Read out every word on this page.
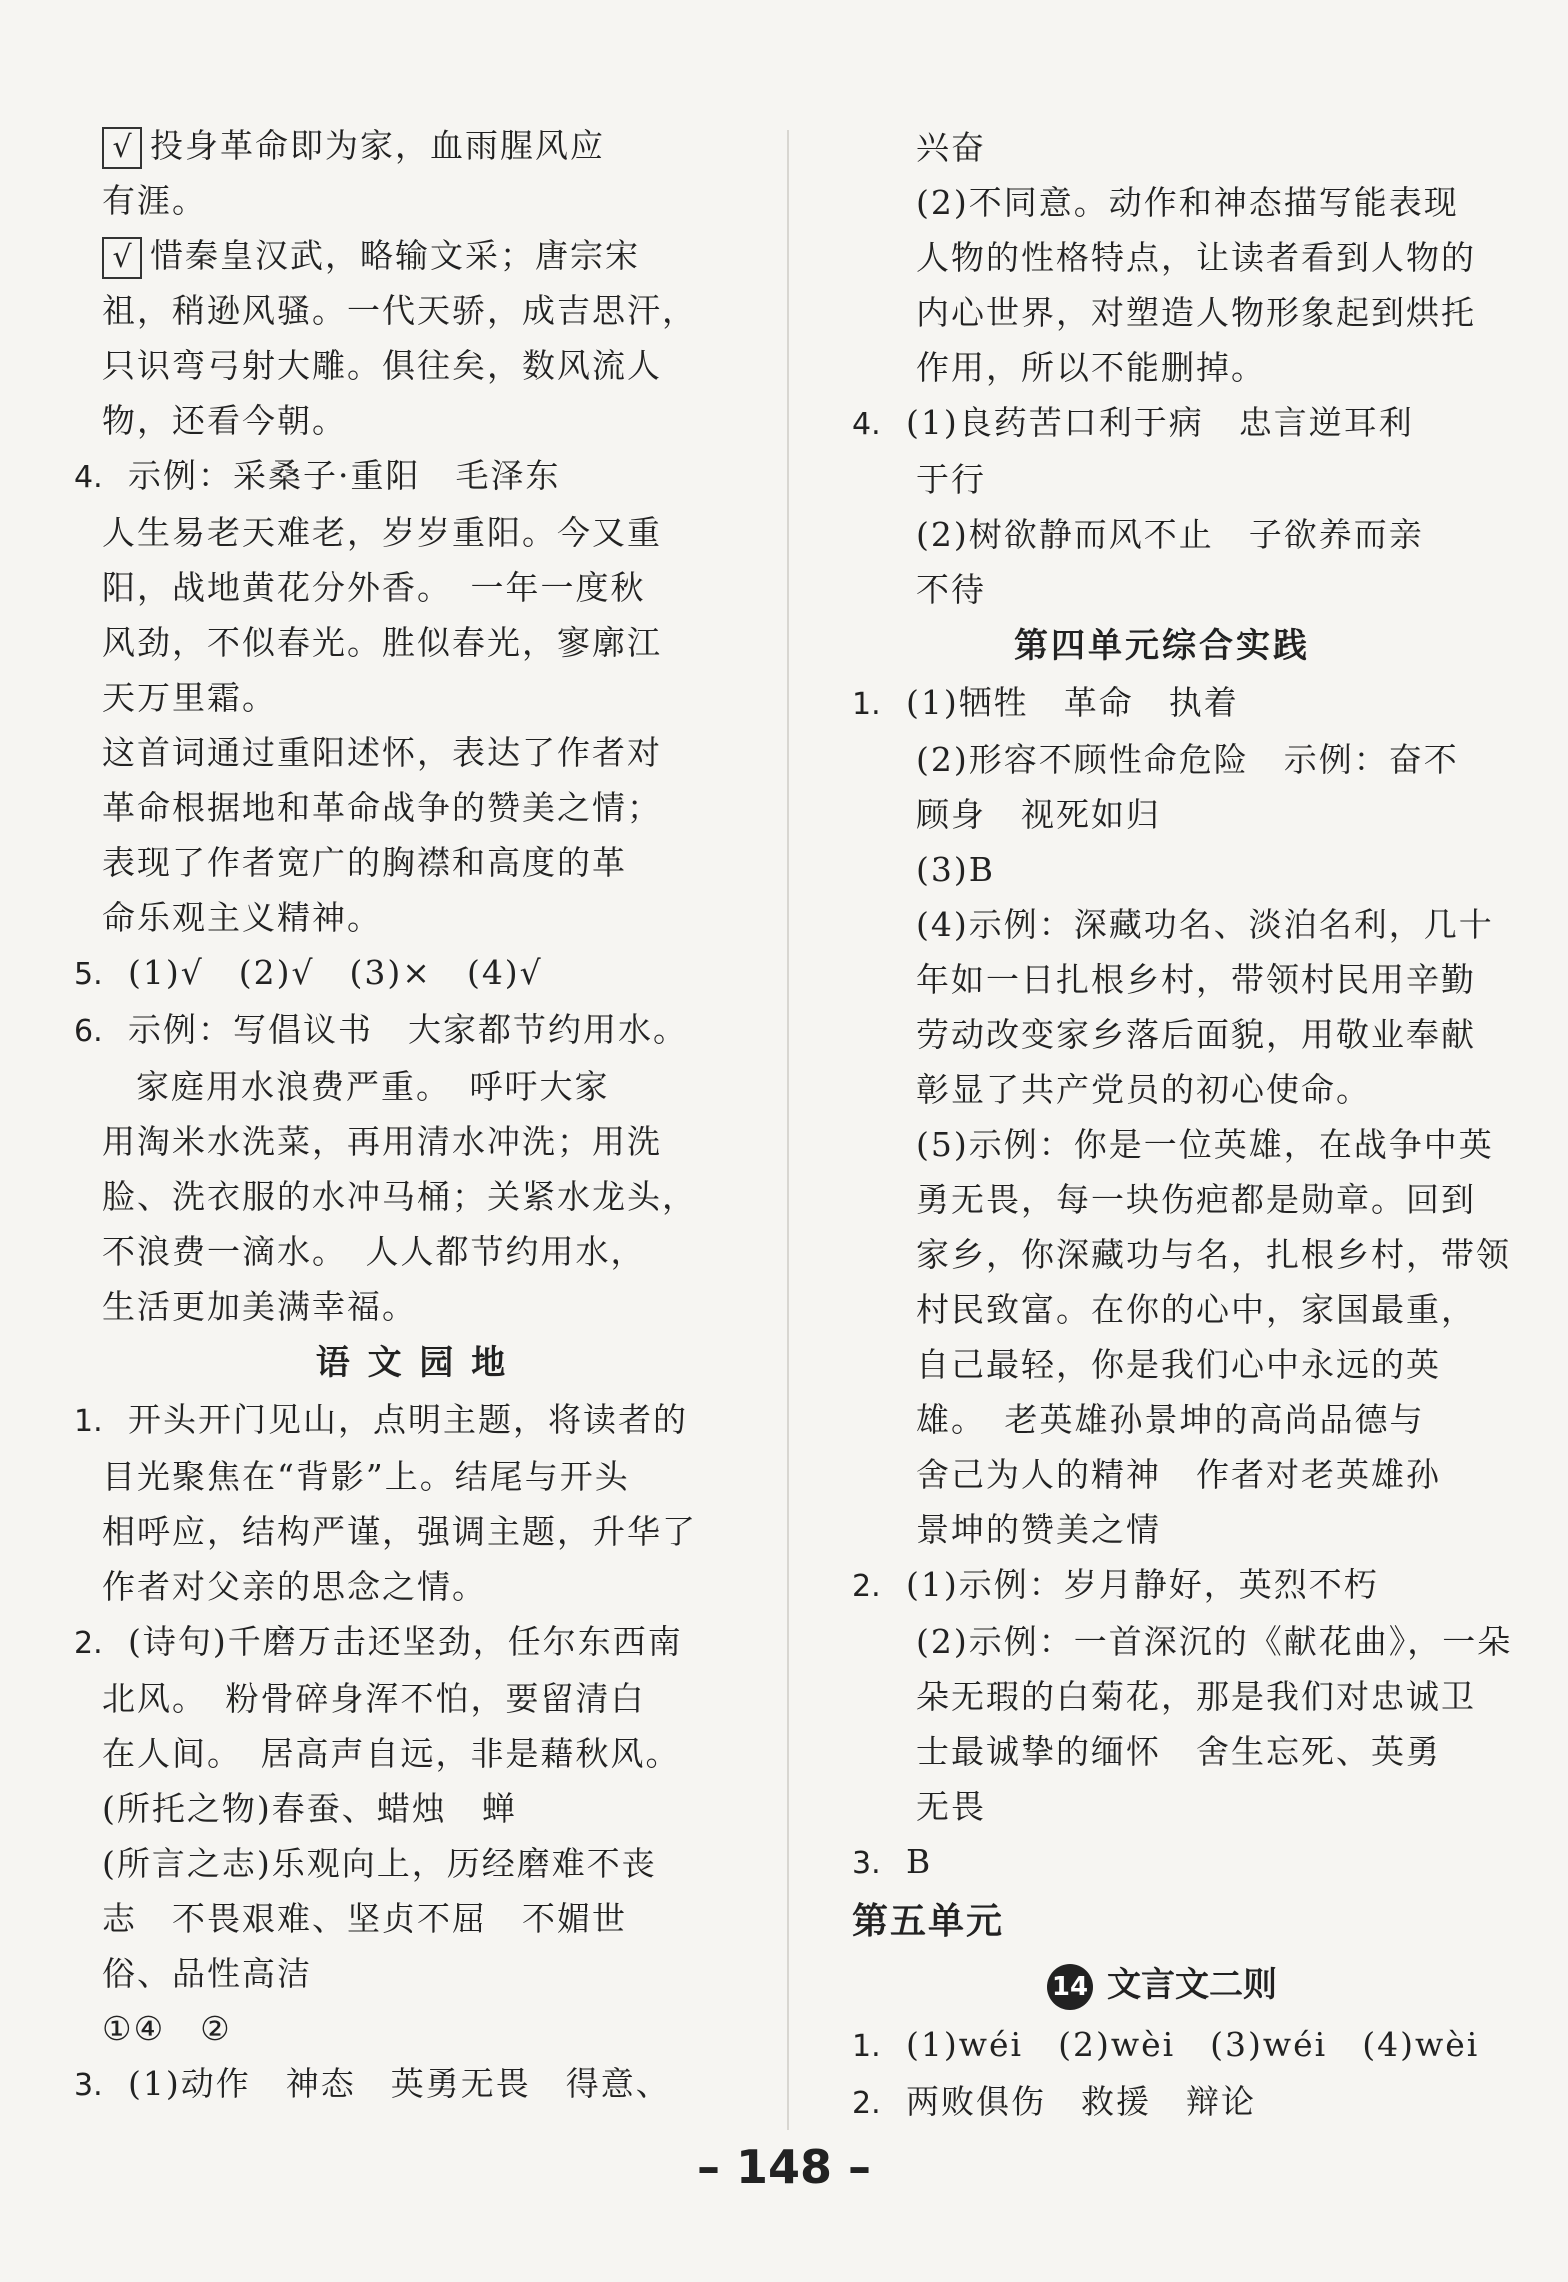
√ 投身革命即为家，血雨腥风应
有涯。
√ 惜秦皇汉武，略输文采；唐宗宋
祖，稍逊风骚。一代天骄，成吉思汗，
只识弯弓射大雕。俱往矣，数风流人
物，还看今朝。
4. 示例：采桑子·重阳　毛泽东
人生易老天难老，岁岁重阳。今又重
阳，战地黄花分外香。　一年一度秋
风劲，不似春光。胜似春光，寥廓江
天万里霜。
这首词通过重阳述怀，表达了作者对
革命根据地和革命战争的赞美之情；
表现了作者宽广的胸襟和高度的革
命乐观主义精神。
5. (1)√　(2)√　(3)×　(4)√
6. 示例：写倡议书　大家都节约用水。
家庭用水浪费严重。　呼吁大家
用淘米水洗菜，再用清水冲洗；用洗
脸、洗衣服的水冲马桶；关紧水龙头，
不浪费一滴水。　人人都节约用水，
生活更加美满幸福。
语 文 园 地
1. 开头开门见山，点明主题，将读者的
目光聚焦在“背影”上。结尾与开头
相呼应，结构严谨，强调主题，升华了
作者对父亲的思念之情。
2. (诗句)千磨万击还坚劲，任尔东西南
北风。　粉骨碎身浑不怕，要留清白
在人间。　居高声自远，非是藉秋风。
(所托之物)春蚕、蜡烛　蝉
(所言之志)乐观向上，历经磨难不丧
志　不畏艰难、坚贞不屈　不媚世
俗、品性高洁
①④　②
3. (1)动作　神态　英勇无畏　得意、
兴奋
(2)不同意。动作和神态描写能表现
人物的性格特点，让读者看到人物的
内心世界，对塑造人物形象起到烘托
作用，所以不能删掉。
4. (1)良药苦口利于病　忠言逆耳利
于行
(2)树欲静而风不止　子欲养而亲
不待
第四单元综合实践
1. (1)牺牲　革命　执着
(2)形容不顾性命危险　示例：奋不
顾身　视死如归
(3)B
(4)示例：深藏功名、淡泊名利，几十
年如一日扎根乡村，带领村民用辛勤
劳动改变家乡落后面貌，用敬业奉献
彰显了共产党员的初心使命。
(5)示例：你是一位英雄，在战争中英
勇无畏，每一块伤疤都是勋章。回到
家乡，你深藏功与名，扎根乡村，带领
村民致富。在你的心中，家国最重，
自己最轻，你是我们心中永远的英
雄。　老英雄孙景坤的高尚品德与
舍己为人的精神　作者对老英雄孙
景坤的赞美之情
2. (1)示例：岁月静好，英烈不朽
(2)示例：一首深沉的《献花曲》，一朵
朵无瑕的白菊花，那是我们对忠诚卫
士最诚挚的缅怀　舍生忘死、英勇
无畏
3. B
第五单元
14 文言文二则
1. (1)wéi　(2)wèi　(3)wéi　(4)wèi
2. 两败俱伤　救援　辩论
– 148 –
